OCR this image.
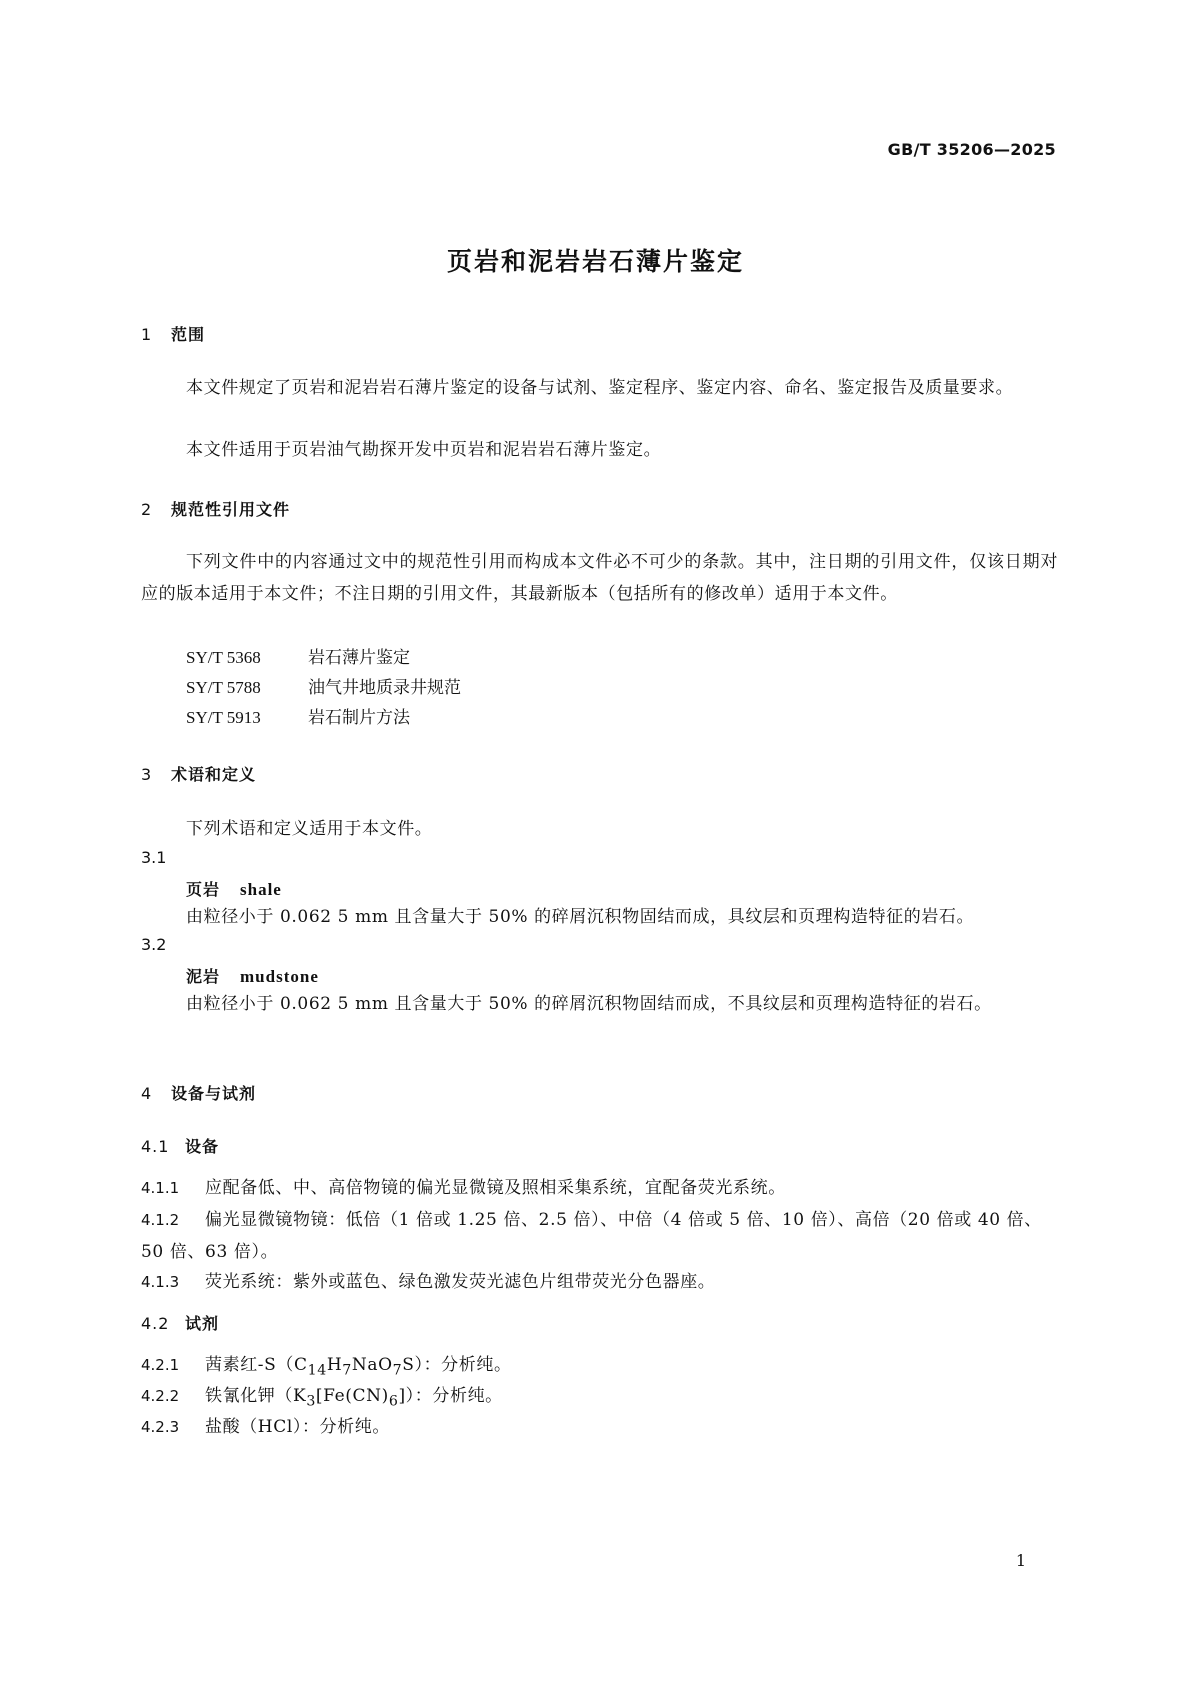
GB/T 35206—2025
页岩和泥岩岩石薄片鉴定
1 范围

本文件规定了页岩和泥岩岩石薄片鉴定的设备与试剂、鉴定程序、鉴定内容、命名、鉴定报告及质量要求。

本文件适用于页岩油气勘探开发中页岩和泥岩岩石薄片鉴定。

2 规范性引用文件

下列文件中的内容通过文中的规范性引用而构成本文件必不可少的条款。其中，注日期的引用文件，仅该日期对应的版本适用于本文件；不注日期的引用文件，其最新版本（包括所有的修改单）适用于本文件。

SY/T 5368	岩石薄片鉴定
SY/T 5788	油气井地质录井规范
SY/T 5913	岩石制片方法
3 术语和定义

下列术语和定义适用于本文件。

3.1
页岩 shale

由粒径小于 0.062 5 mm 且含量大于 50% 的碎屑沉积物固结而成，具纹层和页理构造特征的岩石。

3.2
泥岩 mudstone

由粒径小于 0.062 5 mm 且含量大于 50% 的碎屑沉积物固结而成，不具纹层和页理构造特征的岩石。

4 设备与试剂
4.1 设备

4.1.1 应配备低、中、高倍物镜的偏光显微镜及照相采集系统，宜配备荧光系统。

4.1.2 偏光显微镜物镜：低倍（1 倍或 1.25 倍、2.5 倍）、中倍（4 倍或 5 倍、10 倍）、高倍（20 倍或 40 倍、50 倍、63 倍）。

4.1.3 荧光系统：紫外或蓝色、绿色激发荧光滤色片组带荧光分色器座。

4.2 试剂

4.2.1 茜素红$-S(C_{14}H_7NaO_7S)$：分析纯。

4.2.2 铁氰化钾$(K_3[Fe(CN)_6])$：分析纯。

4.2.3 盐酸（HCl）：分析纯。

1
